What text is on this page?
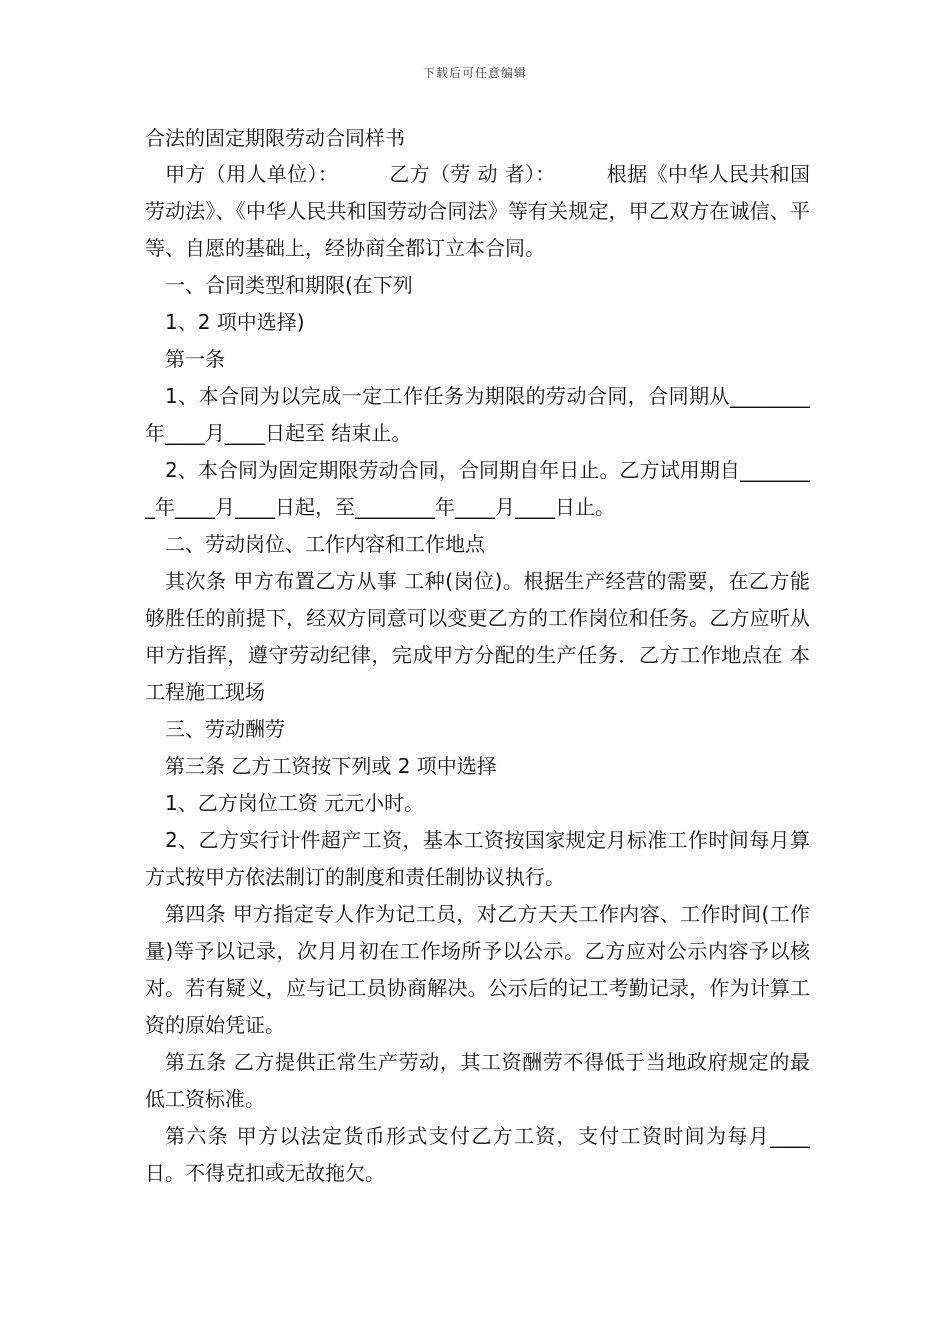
下载后可任意编辑
合法的固定期限劳动合同样书

甲方（用人单位）：　　　乙方（劳 动 者）：　　　根据《中华人民共和国劳动法》、《中华人民共和国劳动合同法》等有关规定，甲乙双方在诚信、平等、自愿的基础上，经协商全都订立本合同。

一、合同类型和期限(在下列

1、2 项中选择)

第一条

1、本合同为以完成一定工作任务为期限的劳动合同，合同期从________年____月____日起至 结束止。

2、本合同为固定期限劳动合同，合同期自年日止。乙方试用期自________年____月____日起，至________年____月____日止。

二、劳动岗位、工作内容和工作地点

其次条 甲方布置乙方从事 工种(岗位)。根据生产经营的需要，在乙方能够胜任的前提下，经双方同意可以变更乙方的工作岗位和任务。乙方应听从甲方指挥，遵守劳动纪律，完成甲方分配的生产任务．乙方工作地点在 本工程施工现场

三、劳动酬劳

第三条 乙方工资按下列或 2 项中选择

1、乙方岗位工资 元元小时。

2、乙方实行计件超产工资，基本工资按国家规定月标准工作时间每月算方式按甲方依法制订的制度和责任制协议执行。

第四条 甲方指定专人作为记工员，对乙方天天工作内容、工作时间(工作量)等予以记录，次月月初在工作场所予以公示。乙方应对公示内容予以核对。若有疑义，应与记工员协商解决。公示后的记工考勤记录，作为计算工资的原始凭证。

第五条 乙方提供正常生产劳动，其工资酬劳不得低于当地政府规定的最低工资标准。

第六条 甲方以法定货币形式支付乙方工资，支付工资时间为每月____日。不得克扣或无故拖欠。
